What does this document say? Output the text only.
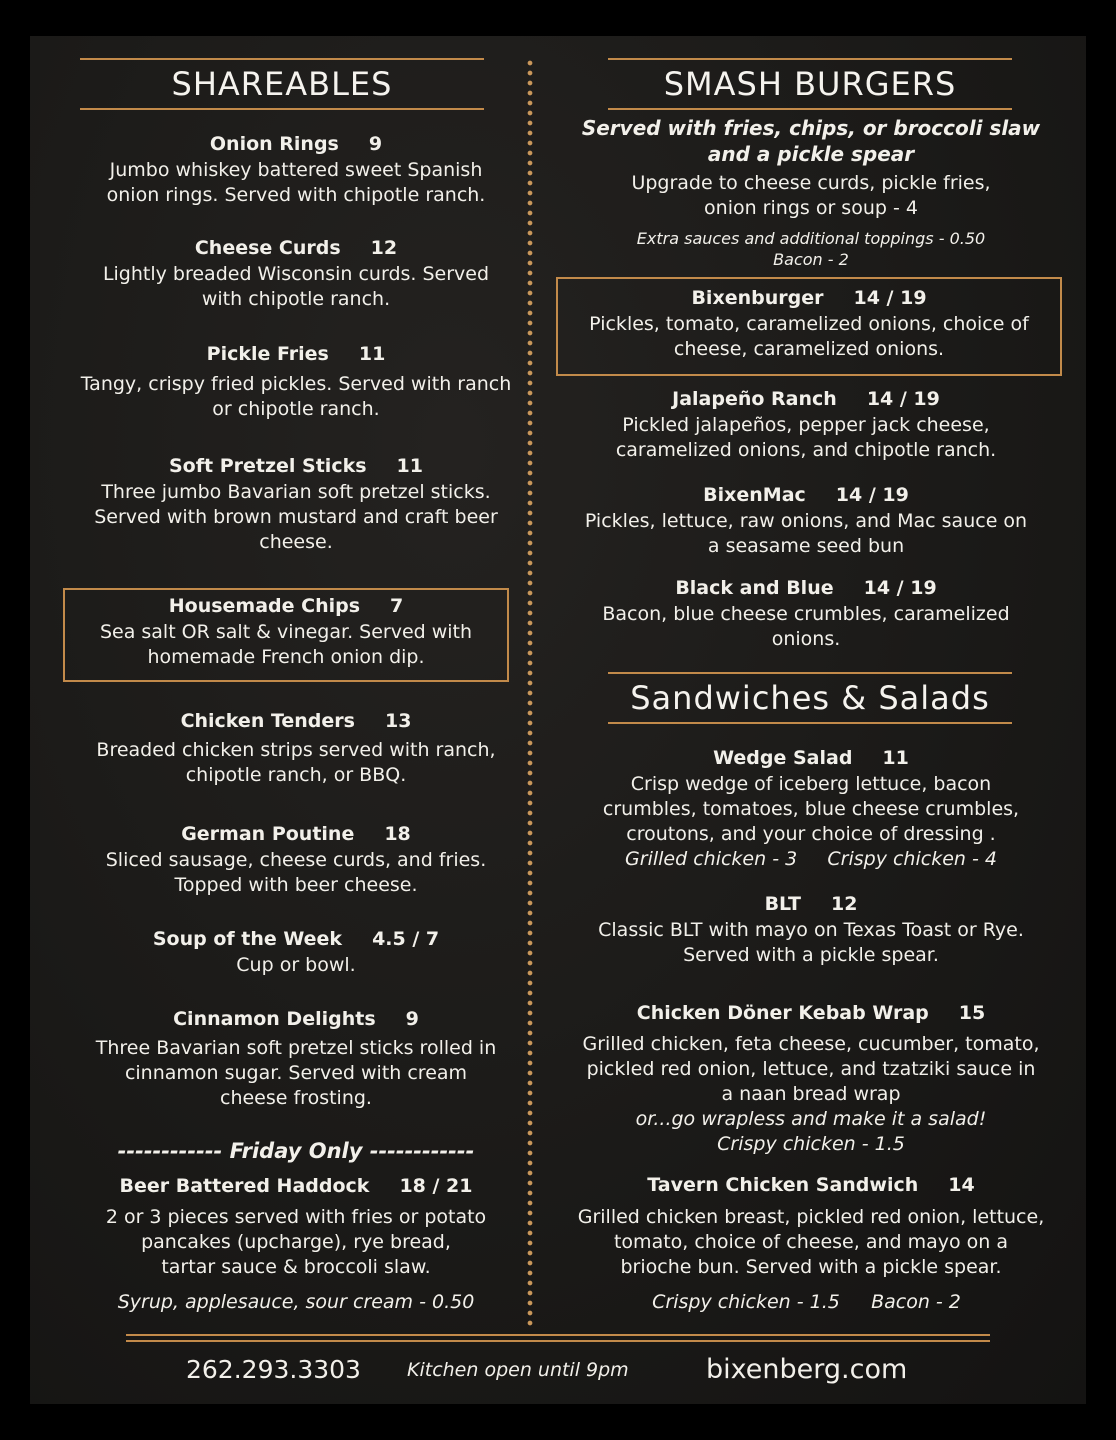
SHAREABLES
Onion Rings 9
Jumbo whiskey battered sweet Spanish
onion rings. Served with chipotle ranch.
Cheese Curds 12
Lightly breaded Wisconsin curds. Served
with chipotle ranch.
Pickle Fries 11
Tangy, crispy fried pickles. Served with ranch
or chipotle ranch.
Soft Pretzel Sticks 11
Three jumbo Bavarian soft pretzel sticks.
Served with brown mustard and craft beer
cheese.
Housemade Chips 7
Sea salt OR salt & vinegar. Served with
homemade French onion dip.
Chicken Tenders 13
Breaded chicken strips served with ranch,
chipotle ranch, or BBQ.
German Poutine 18
Sliced sausage, cheese curds, and fries.
Topped with beer cheese.
Soup of the Week 4.5 / 7
Cup or bowl.
Cinnamon Delights 9
Three Bavarian soft pretzel sticks rolled in
cinnamon sugar. Served with cream
cheese frosting.
------------ Friday Only ------------
Beer Battered Haddock 18 / 21
2 or 3 pieces served with fries or potato
pancakes (upcharge), rye bread,
tartar sauce & broccoli slaw.
Syrup, applesauce, sour cream - 0.50
SMASH BURGERS
Served with fries, chips, or broccoli slaw
and a pickle spear
Upgrade to cheese curds, pickle fries,
onion rings or soup - 4
Extra sauces and additional toppings - 0.50
Bacon - 2
Bixenburger 14 / 19
Pickles, tomato, caramelized onions, choice of
cheese, caramelized onions.
Jalapeño Ranch 14 / 19
Pickled jalapeños, pepper jack cheese,
caramelized onions, and chipotle ranch.
BixenMac 14 / 19
Pickles, lettuce, raw onions, and Mac sauce on
a seasame seed bun
Black and Blue 14 / 19
Bacon, blue cheese crumbles, caramelized
onions.
Sandwiches & Salads
Wedge Salad 11
Crisp wedge of iceberg lettuce, bacon
crumbles, tomatoes, blue cheese crumbles,
croutons, and your choice of dressing .
Grilled chicken - 3     Crispy chicken - 4
BLT 12
Classic BLT with mayo on Texas Toast or Rye.
Served with a pickle spear.
Chicken Döner Kebab Wrap 15
Grilled chicken, feta cheese, cucumber, tomato,
pickled red onion, lettuce, and tzatziki sauce in
a naan bread wrap
or...go wrapless and make it a salad!
Crispy chicken - 1.5
Tavern Chicken Sandwich 14
Grilled chicken breast, pickled red onion, lettuce,
tomato, choice of cheese, and mayo on a
brioche bun. Served with a pickle spear.
Crispy chicken - 1.5 Bacon - 2
262.293.3303 Kitchen open until 9pm	bixenberg.com
